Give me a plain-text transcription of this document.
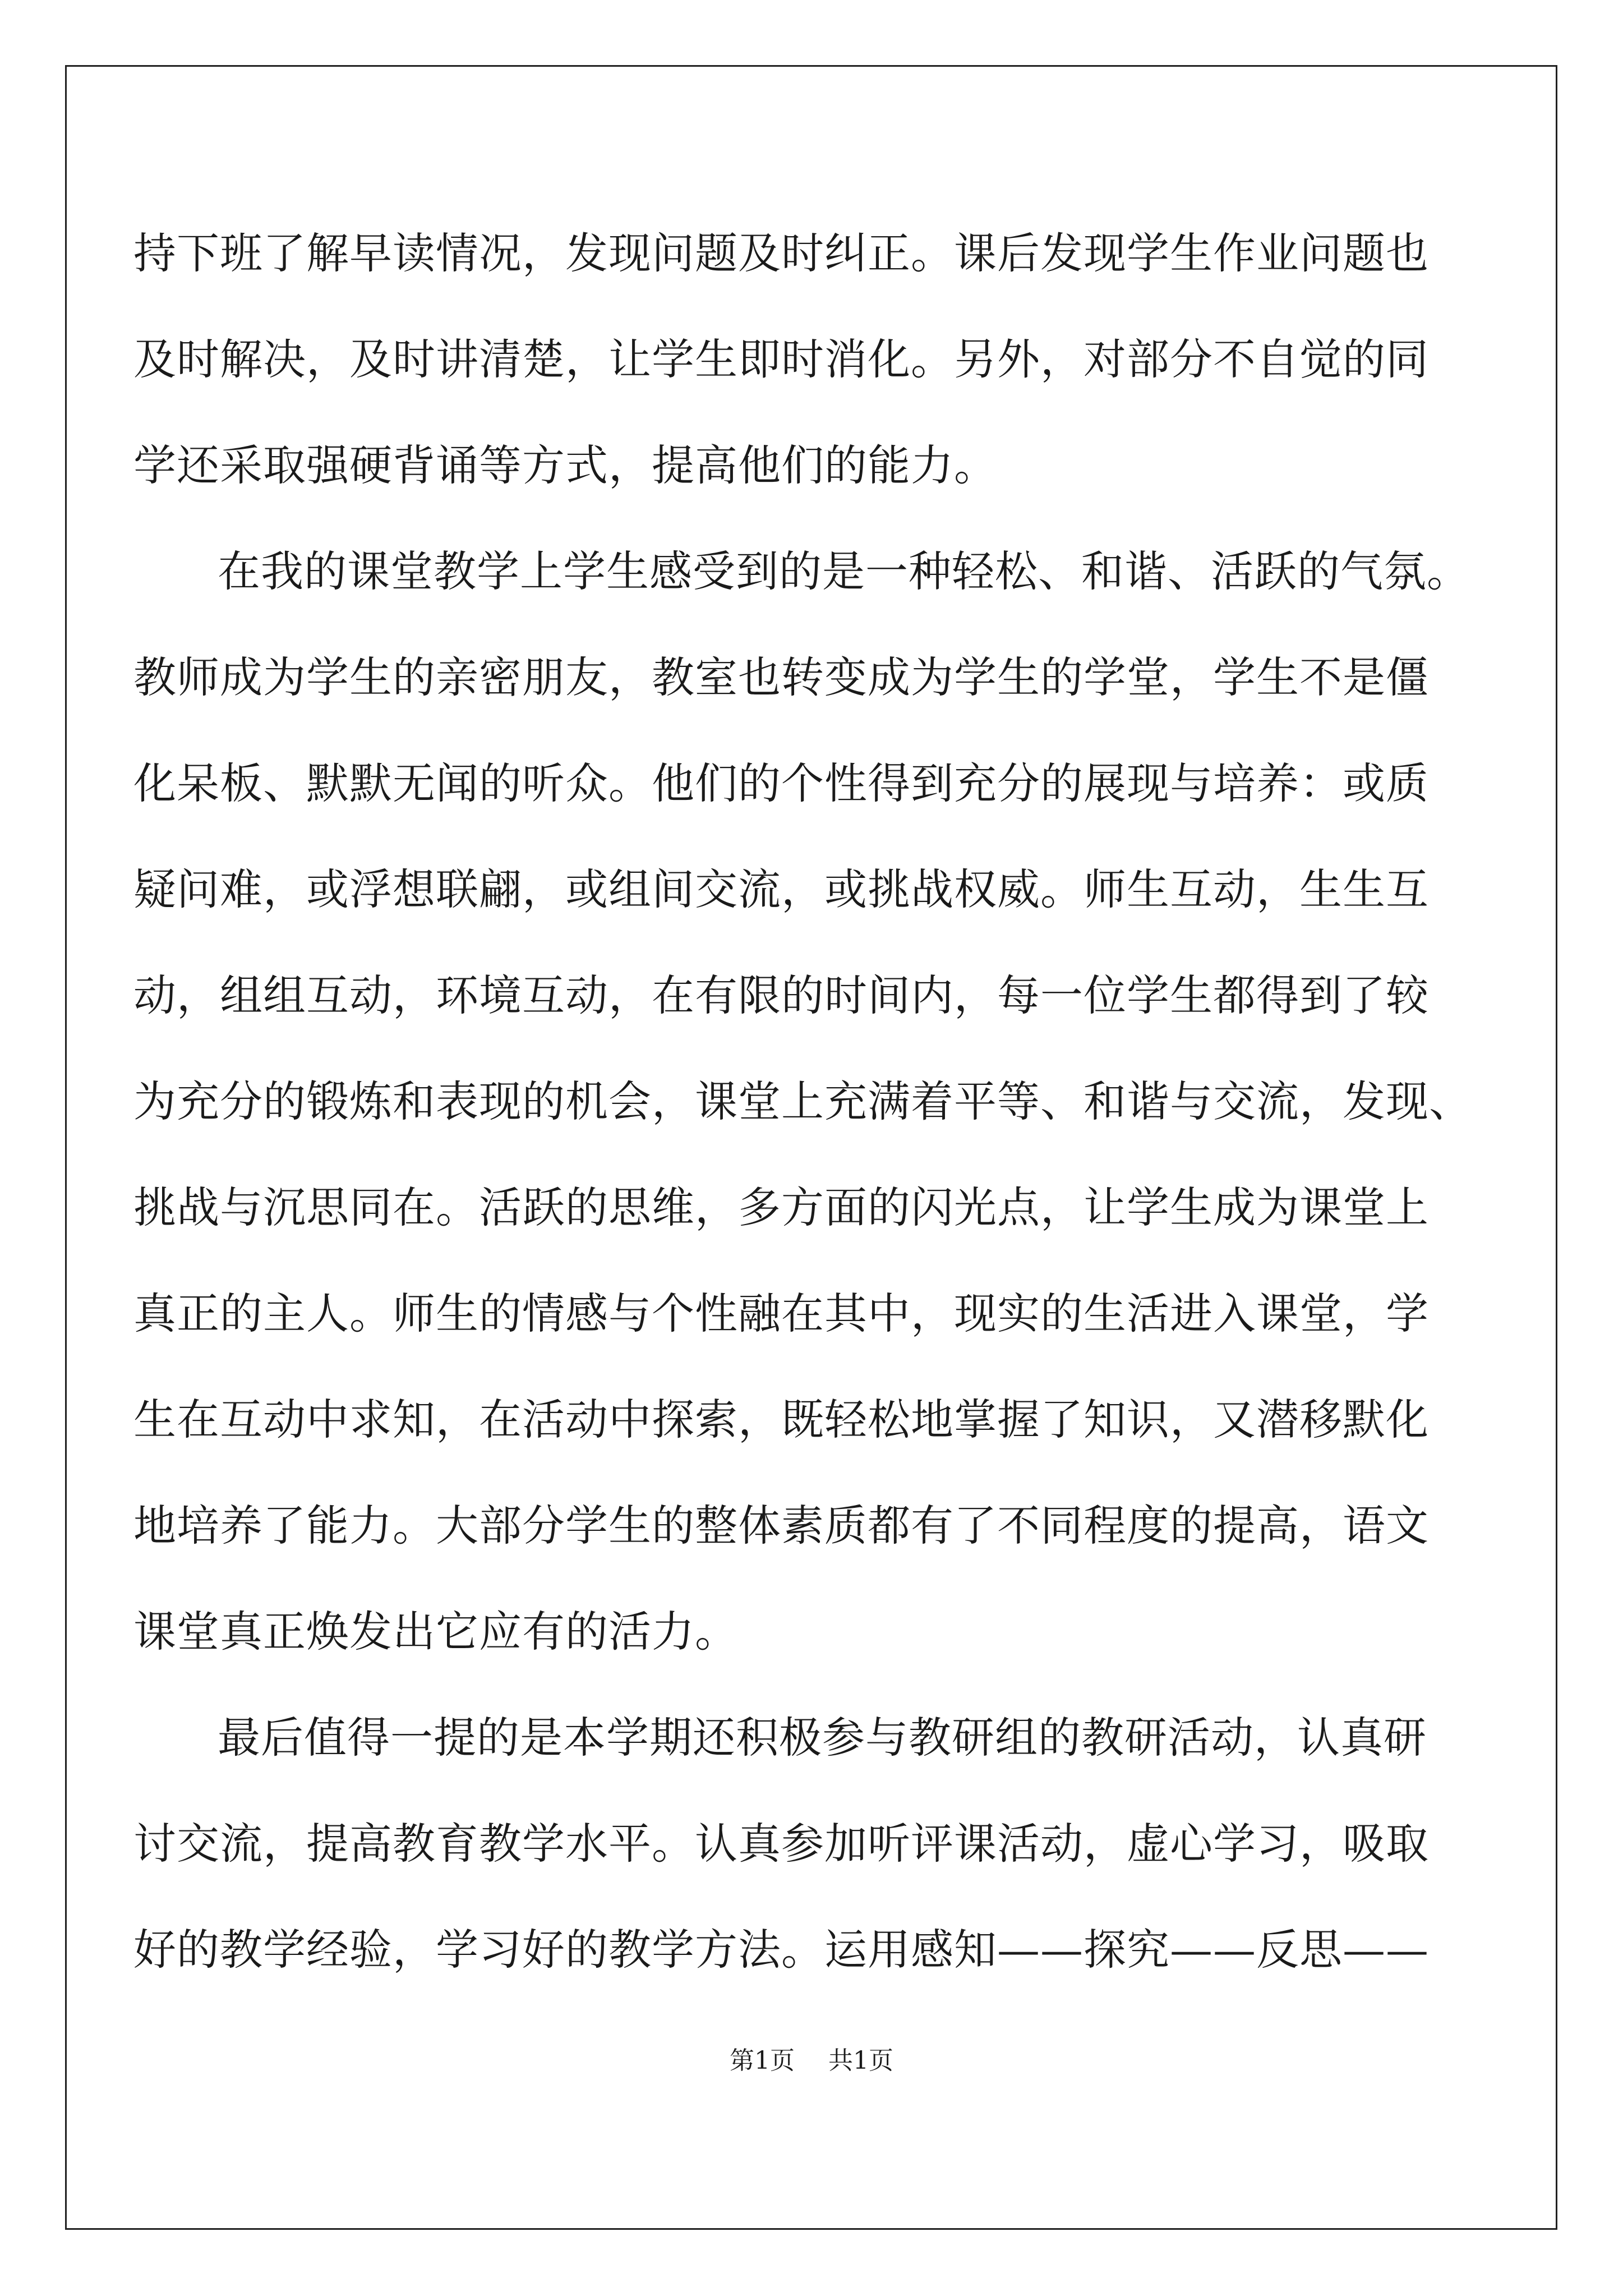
持下班了解早读情况，发现问题及时纠正。课后发现学生作业问题也
及时解决，及时讲清楚，让学生即时消化。另外，对部分不自觉的同
学还采取强硬背诵等方式，提高他们的能力。
在我的课堂教学上学生感受到的是一种轻松、和谐、活跃的气氛。
教师成为学生的亲密朋友，教室也转变成为学生的学堂，学生不是僵
化呆板、默默无闻的听众。他们的个性得到充分的展现与培养：或质
疑问难，或浮想联翩，或组间交流，或挑战权威。师生互动，生生互
动，组组互动，环境互动，在有限的时间内，每一位学生都得到了较
为充分的锻炼和表现的机会，课堂上充满着平等、和谐与交流，发现、
挑战与沉思同在。活跃的思维，多方面的闪光点，让学生成为课堂上
真正的主人。师生的情感与个性融在其中，现实的生活进入课堂，学
生在互动中求知，在活动中探索，既轻松地掌握了知识，又潜移默化
地培养了能力。大部分学生的整体素质都有了不同程度的提高，语文
课堂真正焕发出它应有的活力。
最后值得一提的是本学期还积极参与教研组的教研活动，认真研
讨交流，提高教育教学水平。认真参加听评课活动，虚心学习，吸取
好的教学经验，学习好的教学方法。运用感知——探究——反思——
第1页 共1页
